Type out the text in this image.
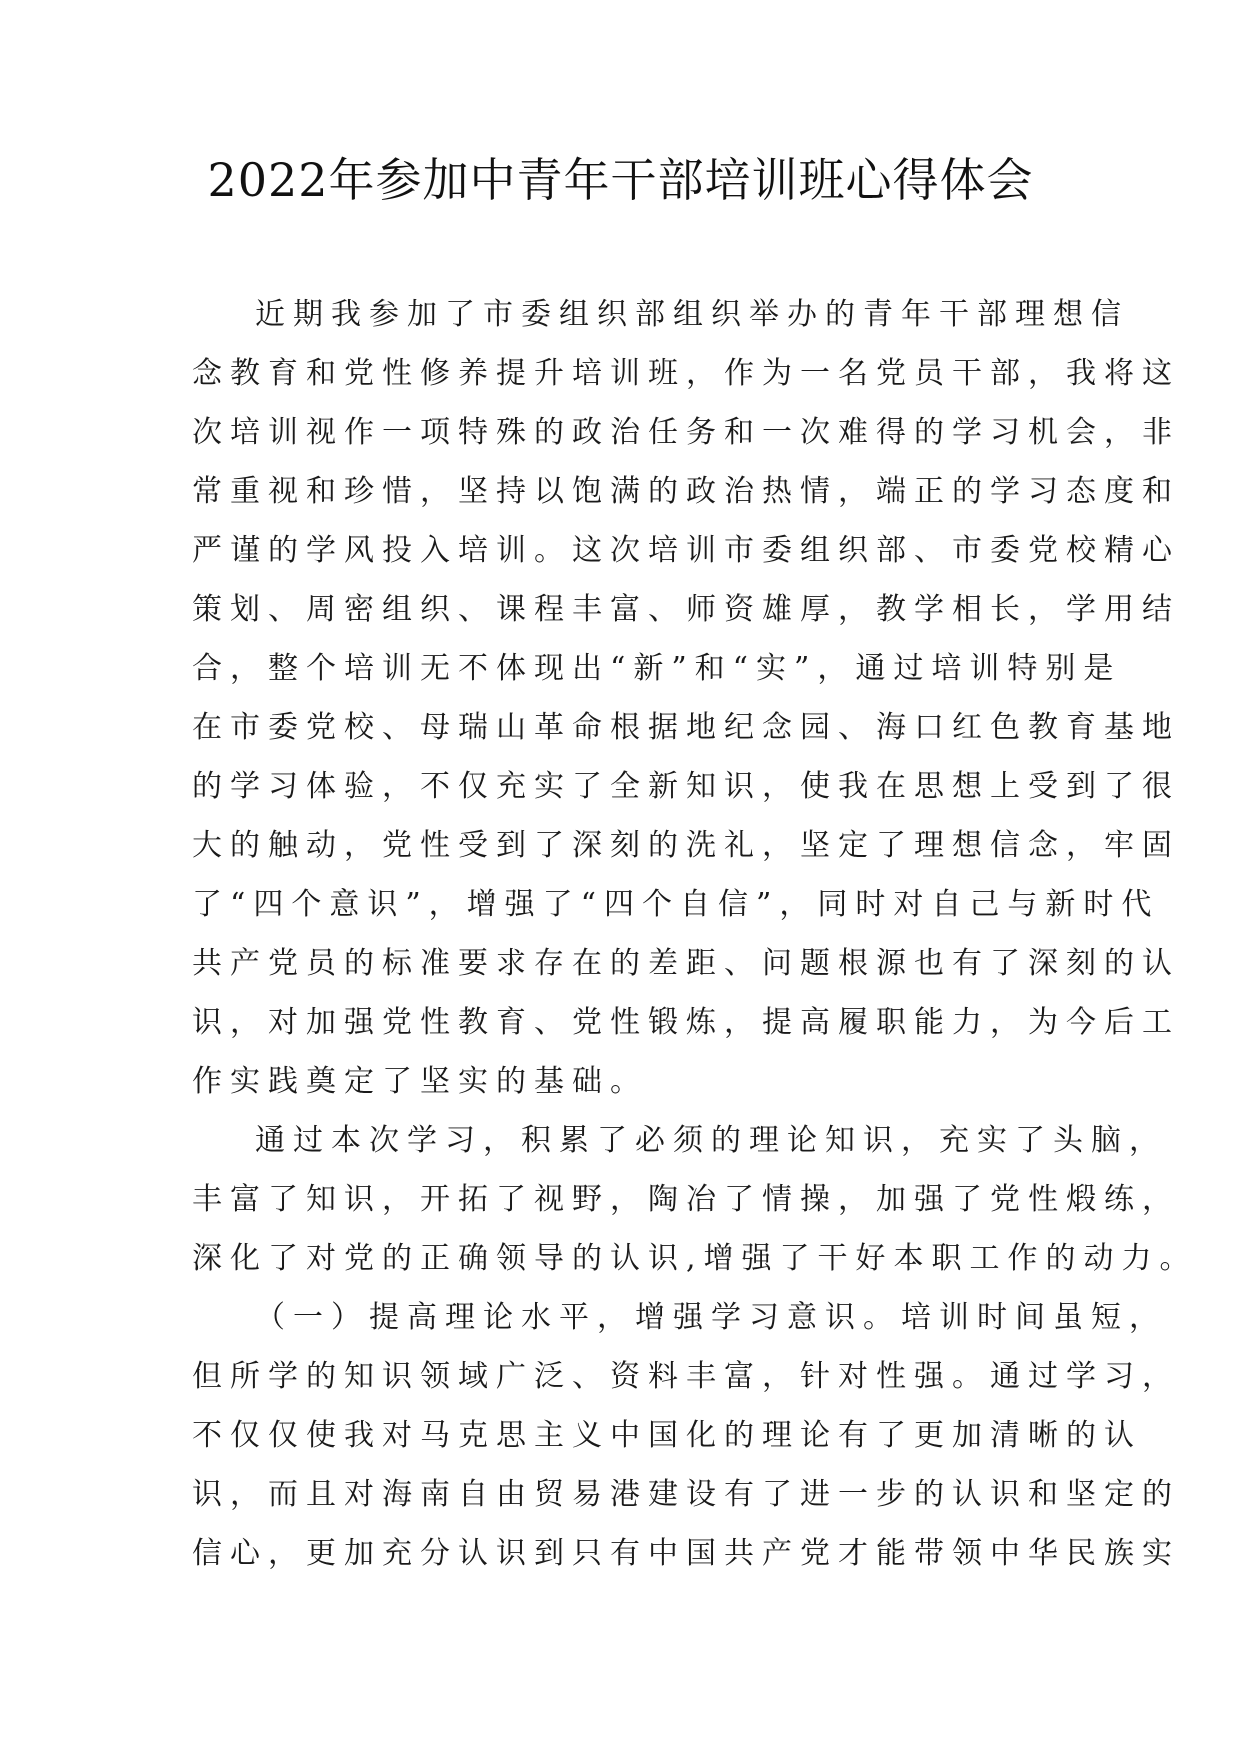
2022年参加中青年干部培训班心得体会
近期我参加了市委组织部组织举办的青年干部理想信
念教育和党性修养提升培训班，作为一名党员干部，我将这
次培训视作一项特殊的政治任务和一次难得的学习机会，非
常重视和珍惜，坚持以饱满的政治热情，端正的学习态度和
严谨的学风投入培训。这次培训市委组织部、市委党校精心
策划、周密组织、课程丰富、师资雄厚，教学相长，学用结
合，整个培训无不体现出“新”和“实”，通过培训特别是
在市委党校、母瑞山革命根据地纪念园、海口红色教育基地
的学习体验，不仅充实了全新知识，使我在思想上受到了很
大的触动，党性受到了深刻的洗礼，坚定了理想信念，牢固
了“四个意识”，增强了“四个自信”，同时对自己与新时代
共产党员的标准要求存在的差距、问题根源也有了深刻的认
识，对加强党性教育、党性锻炼，提高履职能力，为今后工
作实践奠定了坚实的基础。
通过本次学习，积累了必须的理论知识，充实了头脑，
丰富了知识，开拓了视野，陶冶了情操，加强了党性煅练，
深化了对党的正确领导的认识,增强了干好本职工作的动力。
（一）提高理论水平，增强学习意识。培训时间虽短，
但所学的知识领域广泛、资料丰富，针对性强。通过学习，
不仅仅使我对马克思主义中国化的理论有了更加清晰的认
识，而且对海南自由贸易港建设有了进一步的认识和坚定的
信心，更加充分认识到只有中国共产党才能带领中华民族实
